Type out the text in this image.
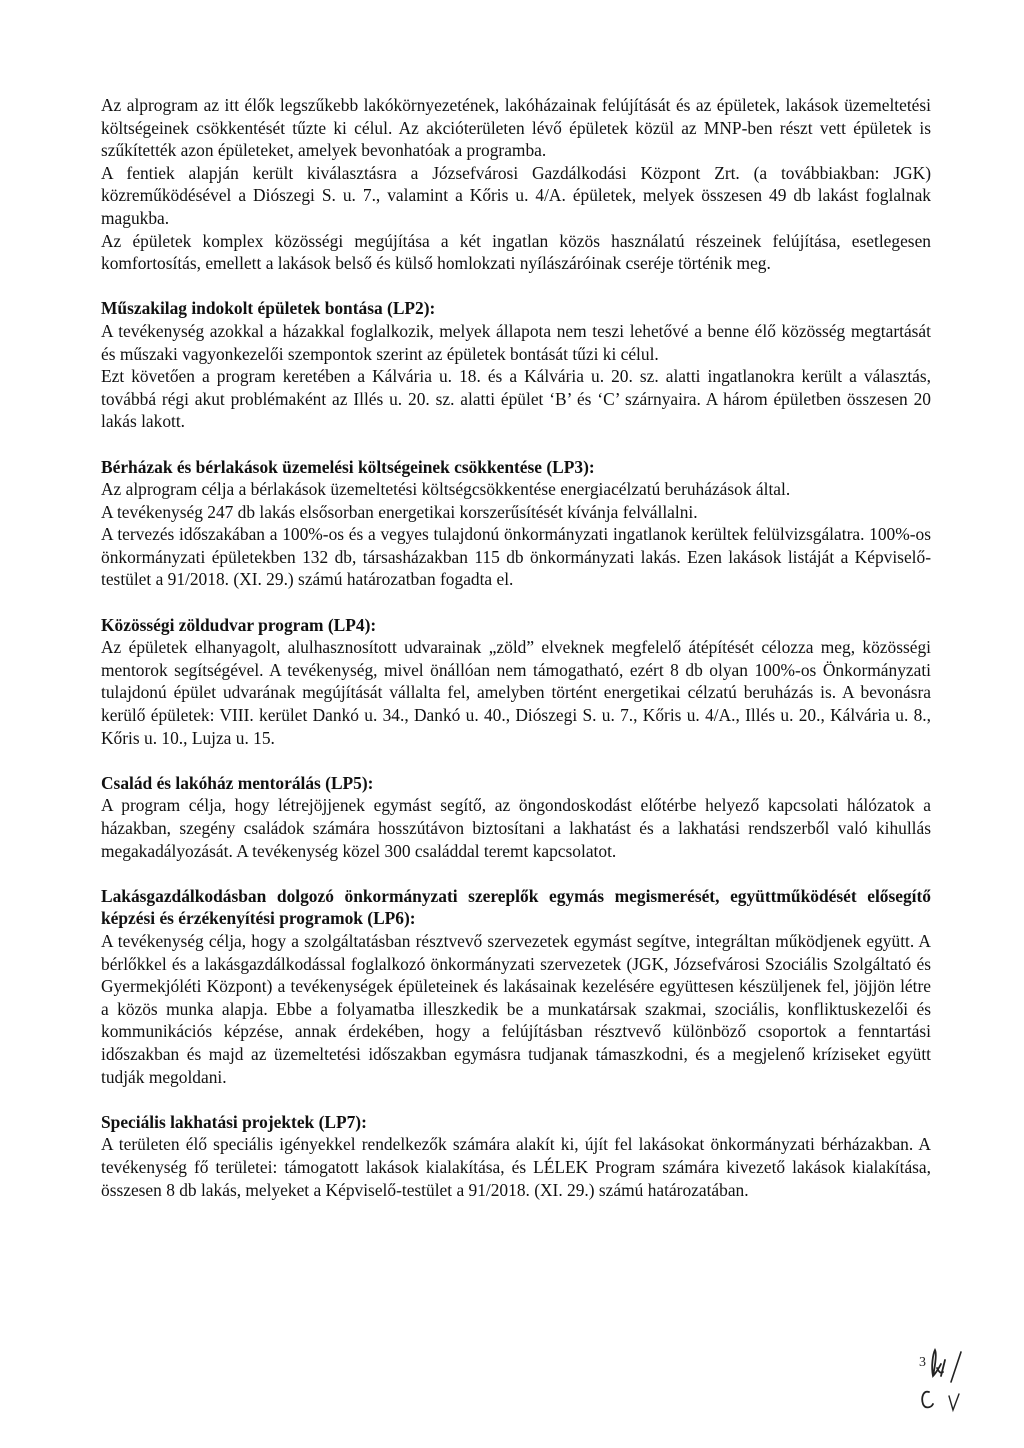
Az alprogram az itt élők legszűkebb lakókörnyezetének, lakóházainak felújítását és az épületek, lakások üzemeltetési költségeinek csökkentését tűzte ki célul. Az akcióterületen lévő épületek közül az MNP-ben részt vett épületek is szűkítették azon épületeket, amelyek bevonhatóak a programba.

A fentiek alapján került kiválasztásra a Józsefvárosi Gazdálkodási Központ Zrt. (a továbbiakban: JGK) közreműködésével a Diószegi S. u. 7., valamint a Kőris u. 4/A. épületek, melyek összesen 49 db lakást foglalnak magukba.

Az épületek komplex közösségi megújítása a két ingatlan közös használatú részeinek felújítása, esetlegesen komfortosítás, emellett a lakások belső és külső homlokzati nyílászáróinak cseréje történik meg.

Műszakilag indokolt épületek bontása (LP2):

A tevékenység azokkal a házakkal foglalkozik, melyek állapota nem teszi lehetővé a benne élő közösség megtartását és műszaki vagyonkezelői szempontok szerint az épületek bontását tűzi ki célul.

Ezt követően a program keretében a Kálvária u. 18. és a Kálvária u. 20. sz. alatti ingatlanokra került a választás, továbbá régi akut problémaként az Illés u. 20. sz. alatti épület ‘B’ és ‘C’ szárnyaira. A három épületben összesen 20 lakás lakott.

Bérházak és bérlakások üzemelési költségeinek csökkentése (LP3):

Az alprogram célja a bérlakások üzemeltetési költségcsökkentése energiacélzatú beruházások által.

A tevékenység 247 db lakás elsősorban energetikai korszerűsítését kívánja felvállalni.

A tervezés időszakában a 100%-os és a vegyes tulajdonú önkormányzati ingatlanok kerültek felülvizsgálatra. 100%-os önkormányzati épületekben 132 db, társasházakban 115 db önkormányzati lakás. Ezen lakások listáját a Képviselő-testület a 91/2018. (XI. 29.) számú határozatban fogadta el.

Közösségi zöldudvar program (LP4):

Az épületek elhanyagolt, alulhasznosított udvarainak „zöld” elveknek megfelelő átépítését célozza meg, közösségi mentorok segítségével. A tevékenység, mivel önállóan nem támogatható, ezért 8 db olyan 100%-os Önkormányzati tulajdonú épület udvarának megújítását vállalta fel, amelyben történt energetikai célzatú beruházás is. A bevonásra kerülő épületek: VIII. kerület Dankó u. 34., Dankó u. 40., Diószegi S. u. 7., Kőris u. 4/A., Illés u. 20., Kálvária u. 8., Kőris u. 10., Lujza u. 15.

Család és lakóház mentorálás (LP5):

A program célja, hogy létrejöjjenek egymást segítő, az öngondoskodást előtérbe helyező kapcsolati hálózatok a házakban, szegény családok számára hosszútávon biztosítani a lakhatást és a lakhatási rendszerből való kihullás megakadályozását. A tevékenység közel 300 családdal teremt kapcsolatot.

Lakásgazdálkodásban dolgozó önkormányzati szereplők egymás megismerését, együttműködését elősegítő képzési és érzékenyítési programok (LP6):

A tevékenység célja, hogy a szolgáltatásban résztvevő szervezetek egymást segítve, integráltan működjenek együtt. A bérlőkkel és a lakásgazdálkodással foglalkozó önkormányzati szervezetek (JGK, Józsefvárosi Szociális Szolgáltató és Gyermekjóléti Központ) a tevékenységek épületeinek és lakásainak kezelésére együttesen készüljenek fel, jöjjön létre a közös munka alapja. Ebbe a folyamatba illeszkedik be a munkatársak szakmai, szociális, konfliktuskezelői és kommunikációs képzése, annak érdekében, hogy a felújításban résztvevő különböző csoportok a fenntartási időszakban és majd az üzemeltetési időszakban egymásra tudjanak támaszkodni, és a megjelenő kríziseket együtt tudják megoldani.

Speciális lakhatási projektek (LP7):

A területen élő speciális igényekkel rendelkezők számára alakít ki, újít fel lakásokat önkormányzati bérházakban. A tevékenység fő területei: támogatott lakások kialakítása, és LÉLEK Program számára kivezető lakások kialakítása, összesen 8 db lakás, melyeket a Képviselő-testület a 91/2018. (XI. 29.) számú határozatában.

3
